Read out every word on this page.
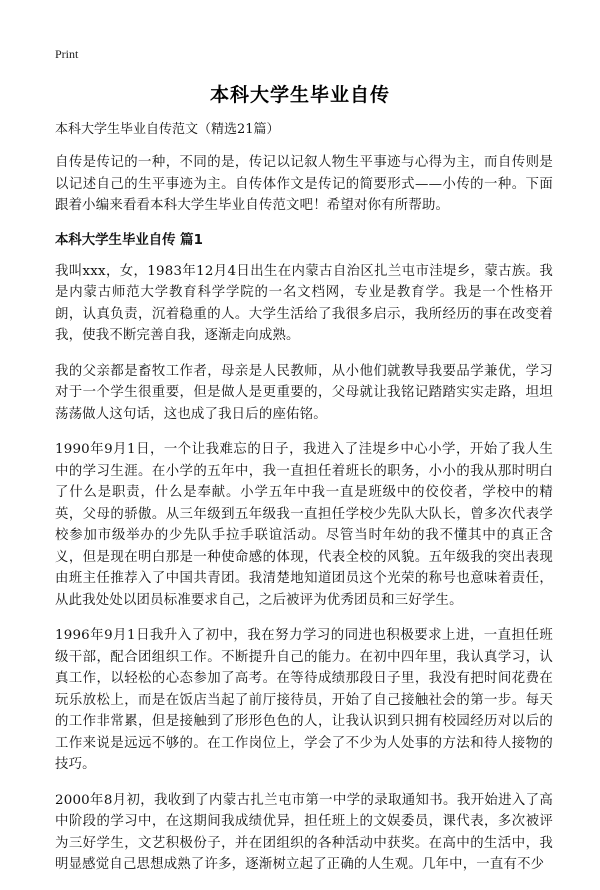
Print
本科大学生毕业自传
本科大学生毕业自传范文（精选21篇）

自传是传记的一种，不同的是，传记以记叙人物生平事迹与心得为主，而自传则是以记述自己的生平事迹为主。自传体作文是传记的简要形式——小传的一种。下面跟着小编来看看本科大学生毕业自传范文吧！希望对你有所帮助。

本科大学生毕业自传 篇1

我叫xxx，女，1983年12月4日出生在内蒙古自治区扎兰屯市洼堤乡，蒙古族。我是内蒙古师范大学教育科学学院的一名文档网，专业是教育学。我是一个性格开朗，认真负责，沉着稳重的人。大学生活给了我很多启示，我所经历的事在改变着我，使我不断完善自我，逐渐走向成熟。

我的父亲都是畜牧工作者，母亲是人民教师，从小他们就教导我要品学兼优，学习对于一个学生很重要，但是做人是更重要的，父母就让我铭记踏踏实实走路，坦坦荡荡做人这句话，这也成了我日后的座佑铭。

1990年9月1日，一个让我难忘的日子，我进入了洼堤乡中心小学，开始了我人生中的学习生涯。在小学的五年中，我一直担任着班长的职务，小小的我从那时明白了什么是职责，什么是奉献。小学五年中我一直是班级中的佼佼者，学校中的精英，父母的骄傲。从三年级到五年级我一直担任学校少先队大队长，曾多次代表学校参加市级举办的少先队手拉手联谊活动。尽管当时年幼的我不懂其中的真正含义，但是现在明白那是一种使命感的体现，代表全校的风貌。五年级我的突出表现由班主任推荐入了中国共青团。我清楚地知道团员这个光荣的称号也意味着责任，从此我处处以团员标准要求自己，之后被评为优秀团员和三好学生。

1996年9月1日我升入了初中，我在努力学习的同进也积极要求上进，一直担任班级干部，配合团组织工作。不断提升自己的能力。在初中四年里，我认真学习，认真工作，以轻松的心态参加了高考。在等待成绩那段日子里，我没有把时间花费在玩乐放松上，而是在饭店当起了前厅接待员，开始了自己接触社会的第一步。每天的工作非常累，但是接触到了形形色色的人，让我认识到只拥有校园经历对以后的工作来说是远远不够的。在工作岗位上，学会了不少为人处事的方法和待人接物的技巧。

2000年8月初，我收到了内蒙古扎兰屯市第一中学的录取通知书。我开始进入了高中阶段的学习中，在这期间我成绩优异，担任班上的文娱委员，课代表，多次被评为三好学生，文艺积极份子，并在团组织的各种活动中获奖。在高中的生活中，我明显感觉自己思想成熟了许多，逐渐树立起了正确的人生观。几年中，一直有不少
